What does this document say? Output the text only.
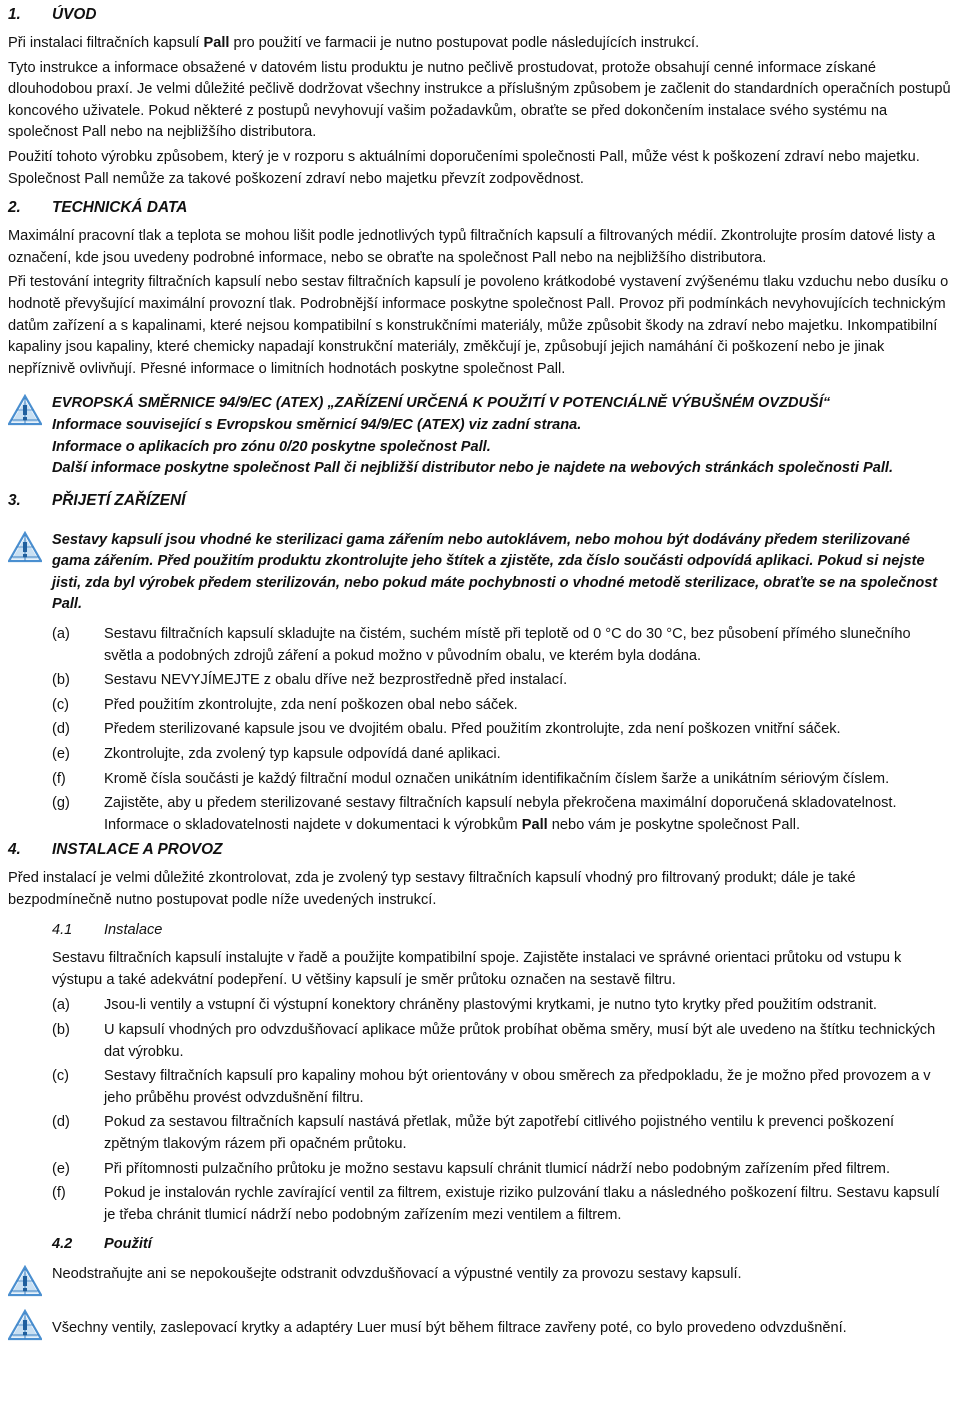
1. ÚVOD

Při instalaci filtračních kapsulí Pall pro použití ve farmacii je nutno postupovat podle následujících instrukcí.

Tyto instrukce a informace obsažené v datovém listu produktu je nutno pečlivě prostudovat, protože obsahují cenné informace získané dlouhodobou praxí. Je velmi důležité pečlivě dodržovat všechny instrukce a příslušným způsobem je začlenit do standardních operačních postupů koncového uživatele. Pokud některé z postupů nevyhovují vašim požadavkům, obraťte se před dokončením instalace svého systému na společnost Pall nebo na nejbližšího distributora.

Použití tohoto výrobku způsobem, který je v rozporu s aktuálními doporučeními společnosti Pall, může vést k poškození zdraví nebo majetku. Společnost Pall nemůže za takové poškození zdraví nebo majetku převzít zodpovědnost.

2. TECHNICKÁ DATA

Maximální pracovní tlak a teplota se mohou lišit podle jednotlivých typů filtračních kapsulí a filtrovaných médií. Zkontrolujte prosím datové listy a označení, kde jsou uvedeny podrobné informace, nebo se obraťte na společnost Pall nebo na nejbližšího distributora.

Při testování integrity filtračních kapsulí nebo sestav filtračních kapsulí je povoleno krátkodobé vystavení zvýšenému tlaku vzduchu nebo dusíku o hodnotě převyšující maximální provozní tlak. Podrobnější informace poskytne společnost Pall. Provoz při podmínkách nevyhovujících technickým datům zařízení a s kapalinami, které nejsou kompatibilní s konstrukčními materiály, může způsobit škody na zdraví nebo majetku. Inkompatibilní kapaliny jsou kapaliny, které chemicky napadají konstrukční materiály, změkčují je, způsobují jejich namáhání či poškození nebo je jinak nepříznivě ovlivňují. Přesné informace o limitních hodnotách poskytne společnost Pall.

EVROPSKÁ SMĚRNICE 94/9/EC (ATEX) „ZAŘÍZENÍ URČENÁ K POUŽITÍ V POTENCIÁLNĚ VÝBUŠNÉM OVZDUŠÍ“

Informace související s Evropskou směrnicí 94/9/EC (ATEX) viz zadní strana.

Informace o aplikacích pro zónu 0/20 poskytne společnost Pall.

Další informace poskytne společnost Pall či nejbližší distributor nebo je najdete na webových stránkách společnosti Pall.

3. PŘIJETÍ ZAŘÍZENÍ

Sestavy kapsulí jsou vhodné ke sterilizaci gama zářením nebo autoklávem, nebo mohou být dodávány předem sterilizované gama zářením. Před použitím produktu zkontrolujte jeho štítek a zjistěte, zda číslo součásti odpovídá aplikaci. Pokud si nejste jisti, zda byl výrobek předem sterilizován, nebo pokud máte pochybnosti o vhodné metodě sterilizace, obraťte se na společnost Pall.

(a)	Sestavu filtračních kapsulí skladujte na čistém, suchém místě při teplotě od 0 °C do 30 °C, bez působení přímého slunečního světla a podobných zdrojů záření a pokud možno v původním obalu, ve kterém byla dodána.
(b)	Sestavu NEVYJÍMEJTE z obalu dříve než bezprostředně před instalací.
(c)	Před použitím zkontrolujte, zda není poškozen obal nebo sáček.
(d)	Předem sterilizované kapsule jsou ve dvojitém obalu. Před použitím zkontrolujte, zda není poškozen vnitřní sáček.
(e)	Zkontrolujte, zda zvolený typ kapsule odpovídá dané aplikaci.
(f)	Kromě čísla součásti je každý filtrační modul označen unikátním identifikačním číslem šarže a unikátním sériovým číslem.
(g)	Zajistěte, aby u předem sterilizované sestavy filtračních kapsulí nebyla překročena maximální doporučená skladovatelnost. Informace o skladovatelnosti najdete v dokumentaci k výrobkům Pall nebo vám je poskytne společnost Pall.
4. INSTALACE A PROVOZ

Před instalací je velmi důležité zkontrolovat, zda je zvolený typ sestavy filtračních kapsulí vhodný pro filtrovaný produkt; dále je také bezpodmínečně nutno postupovat podle níže uvedených instrukcí.

4.1 Instalace

Sestavu filtračních kapsulí instalujte v řadě a použijte kompatibilní spoje. Zajistěte instalaci ve správné orientaci průtoku od vstupu k výstupu a také adekvátní podepření. U většiny kapsulí je směr průtoku označen na sestavě filtru.

(a)	Jsou-li ventily a vstupní či výstupní konektory chráněny plastovými krytkami, je nutno tyto krytky před použitím odstranit.
(b)	U kapsulí vhodných pro odvzdušňovací aplikace může průtok probíhat oběma směry, musí být ale uvedeno na štítku technických dat výrobku.
(c)	Sestavy filtračních kapsulí pro kapaliny mohou být orientovány v obou směrech za předpokladu, že je možno před provozem a v jeho průběhu provést odvzdušnění filtru.
(d)	Pokud za sestavou filtračních kapsulí nastává přetlak, může být zapotřebí citlivého pojistného ventilu k prevenci poškození zpětným tlakovým rázem při opačném průtoku.
(e)	Při přítomnosti pulzačního průtoku je možno sestavu kapsulí chránit tlumicí nádrží nebo podobným zařízením před filtrem.
(f)	Pokud je instalován rychle zavírající ventil za filtrem, existuje riziko pulzování tlaku a následného poškození filtru. Sestavu kapsulí je třeba chránit tlumicí nádrží nebo podobným zařízením mezi ventilem a filtrem.
4.2 Použití

Neodstraňujte ani se nepokoušejte odstranit odvzdušňovací a výpustné ventily za provozu sestavy kapsulí.

Všechny ventily, zaslepovací krytky a adaptéry Luer musí být během filtrace zavřeny poté, co bylo provedeno odvzdušnění.
